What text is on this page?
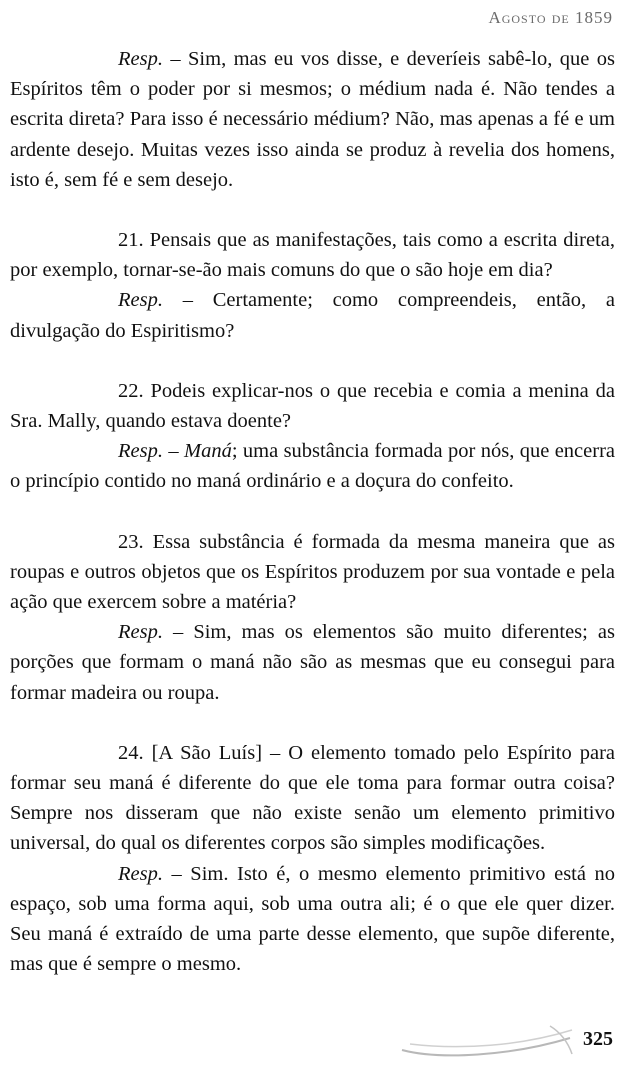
Agosto de 1859

Resp. – Sim, mas eu vos disse, e deveríeis sabê-lo, que os Espíritos têm o poder por si mesmos; o médium nada é. Não tendes a escrita direta? Para isso é necessário médium? Não, mas apenas a fé e um ardente desejo. Muitas vezes isso ainda se produz à revelia dos homens, isto é, sem fé e sem desejo.

21. Pensais que as manifestações, tais como a escrita direta, por exemplo, tornar-se-ão mais comuns do que o são hoje em dia?

Resp. – Certamente; como compreendeis, então, a divulgação do Espiritismo?

22. Podeis explicar-nos o que recebia e comia a menina da Sra. Mally, quando estava doente?

Resp. – Maná; uma substância formada por nós, que encerra o princípio contido no maná ordinário e a doçura do confeito.

23. Essa substância é formada da mesma maneira que as roupas e outros objetos que os Espíritos produzem por sua vontade e pela ação que exercem sobre a matéria?

Resp. – Sim, mas os elementos são muito diferentes; as porções que formam o maná não são as mesmas que eu consegui para formar madeira ou roupa.

24. [A São Luís] – O elemento tomado pelo Espírito para formar seu maná é diferente do que ele toma para formar outra coisa? Sempre nos disseram que não existe senão um elemento primitivo universal, do qual os diferentes corpos são simples modificações.

Resp. – Sim. Isto é, o mesmo elemento primitivo está no espaço, sob uma forma aqui, sob uma outra ali; é o que ele quer dizer. Seu maná é extraído de uma parte desse elemento, que supõe diferente, mas que é sempre o mesmo.

325
